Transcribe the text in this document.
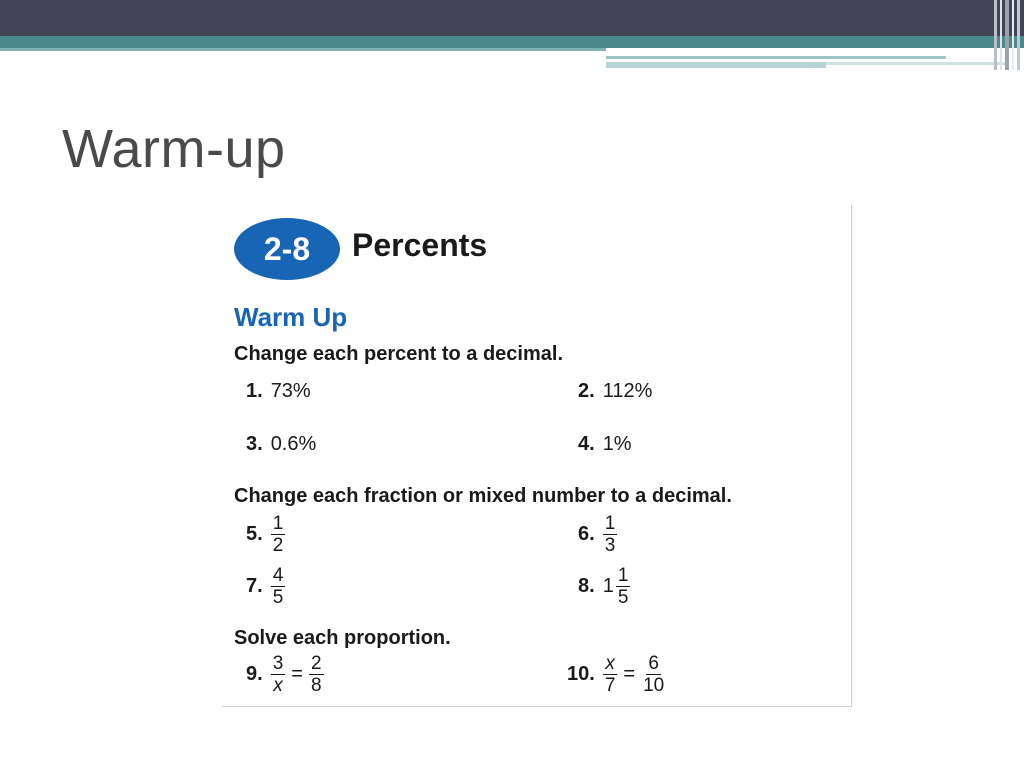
Warm-up
2-8	Percents
Warm Up
Change each percent to a decimal.
1. 73%	2. 112%
3. 0.6%	4. 1%
Change each fraction or mixed number to a decimal.
5. $\frac{1}{2}$	6. $\frac{1}{3}$
7. $\frac{4}{5}$	8. $1 \frac{1}{5}$
Solve each proportion.
9. $\frac{3}{x} = \frac{2}{8}$	10. $\frac{x}{7} = \frac{6}{10}$
